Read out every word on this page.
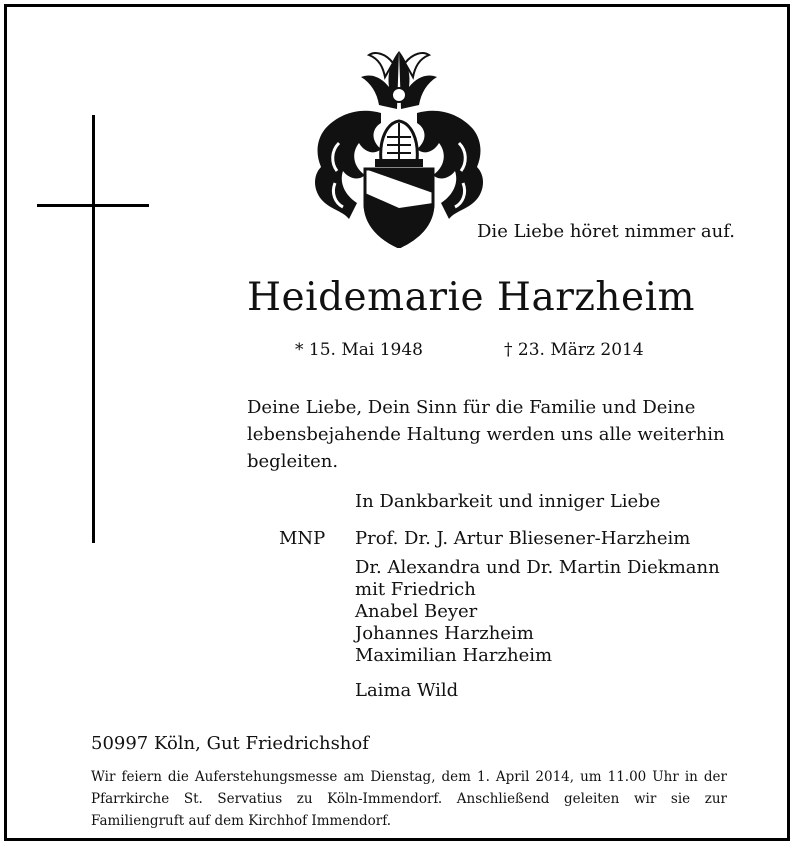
Die Liebe höret nimmer auf.
Heidemarie Harzheim
* 15. Mai 1948	† 23. März 2014
Deine Liebe, Dein Sinn für die Familie und Deine lebensbejahende Haltung werden uns alle weiterhin begleiten.
In Dankbarkeit und inniger Liebe
MNP Prof. Dr. J. Artur Bliesener-Harzheim
Dr. Alexandra und Dr. Martin Diekmann
mit Friedrich
Anabel Beyer
Johannes Harzheim
Maximilian Harzheim
Laima Wild
50997 Köln, Gut Friedrichshof
Wir feiern die Auferstehungsmesse am Dienstag, dem 1. April 2014, um 11.00 Uhr in der Pfarrkirche St. Servatius zu Köln-Immendorf. Anschließend geleiten wir sie zur Familiengruft auf dem Kirchhof Immendorf.
